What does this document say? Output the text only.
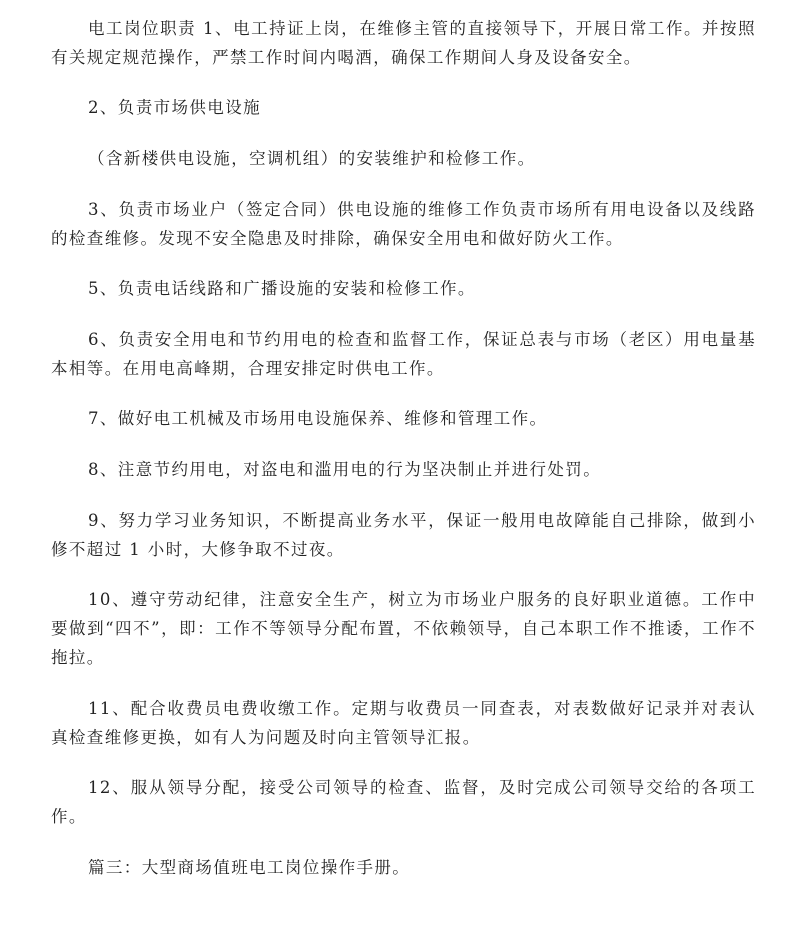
电工岗位职责 1、电工持证上岗，在维修主管的直接领导下，开展日常工作。并按照有关规定规范操作，严禁工作时间内喝酒，确保工作期间人身及设备安全。

2、负责市场供电设施

（含新楼供电设施，空调机组）的安装维护和检修工作。

3、负责市场业户（签定合同）供电设施的维修工作负责市场所有用电设备以及线路的检查维修。发现不安全隐患及时排除，确保安全用电和做好防火工作。

5、负责电话线路和广播设施的安装和检修工作。

6、负责安全用电和节约用电的检查和监督工作，保证总表与市场（老区）用电量基本相等。在用电高峰期，合理安排定时供电工作。

7、做好电工机械及市场用电设施保养、维修和管理工作。

8、注意节约用电，对盗电和滥用电的行为坚决制止并进行处罚。

9、努力学习业务知识，不断提高业务水平，保证一般用电故障能自己排除，做到小修不超过 1 小时，大修争取不过夜。

10、遵守劳动纪律，注意安全生产，树立为市场业户服务的良好职业道德。工作中要做到“四不”，即：工作不等领导分配布置，不依赖领导，自己本职工作不推诿，工作不拖拉。

11、配合收费员电费收缴工作。定期与收费员一同查表，对表数做好记录并对表认真检查维修更换，如有人为问题及时向主管领导汇报。

12、服从领导分配，接受公司领导的检查、监督，及时完成公司领导交给的各项工作。

篇三：大型商场值班电工岗位操作手册。
